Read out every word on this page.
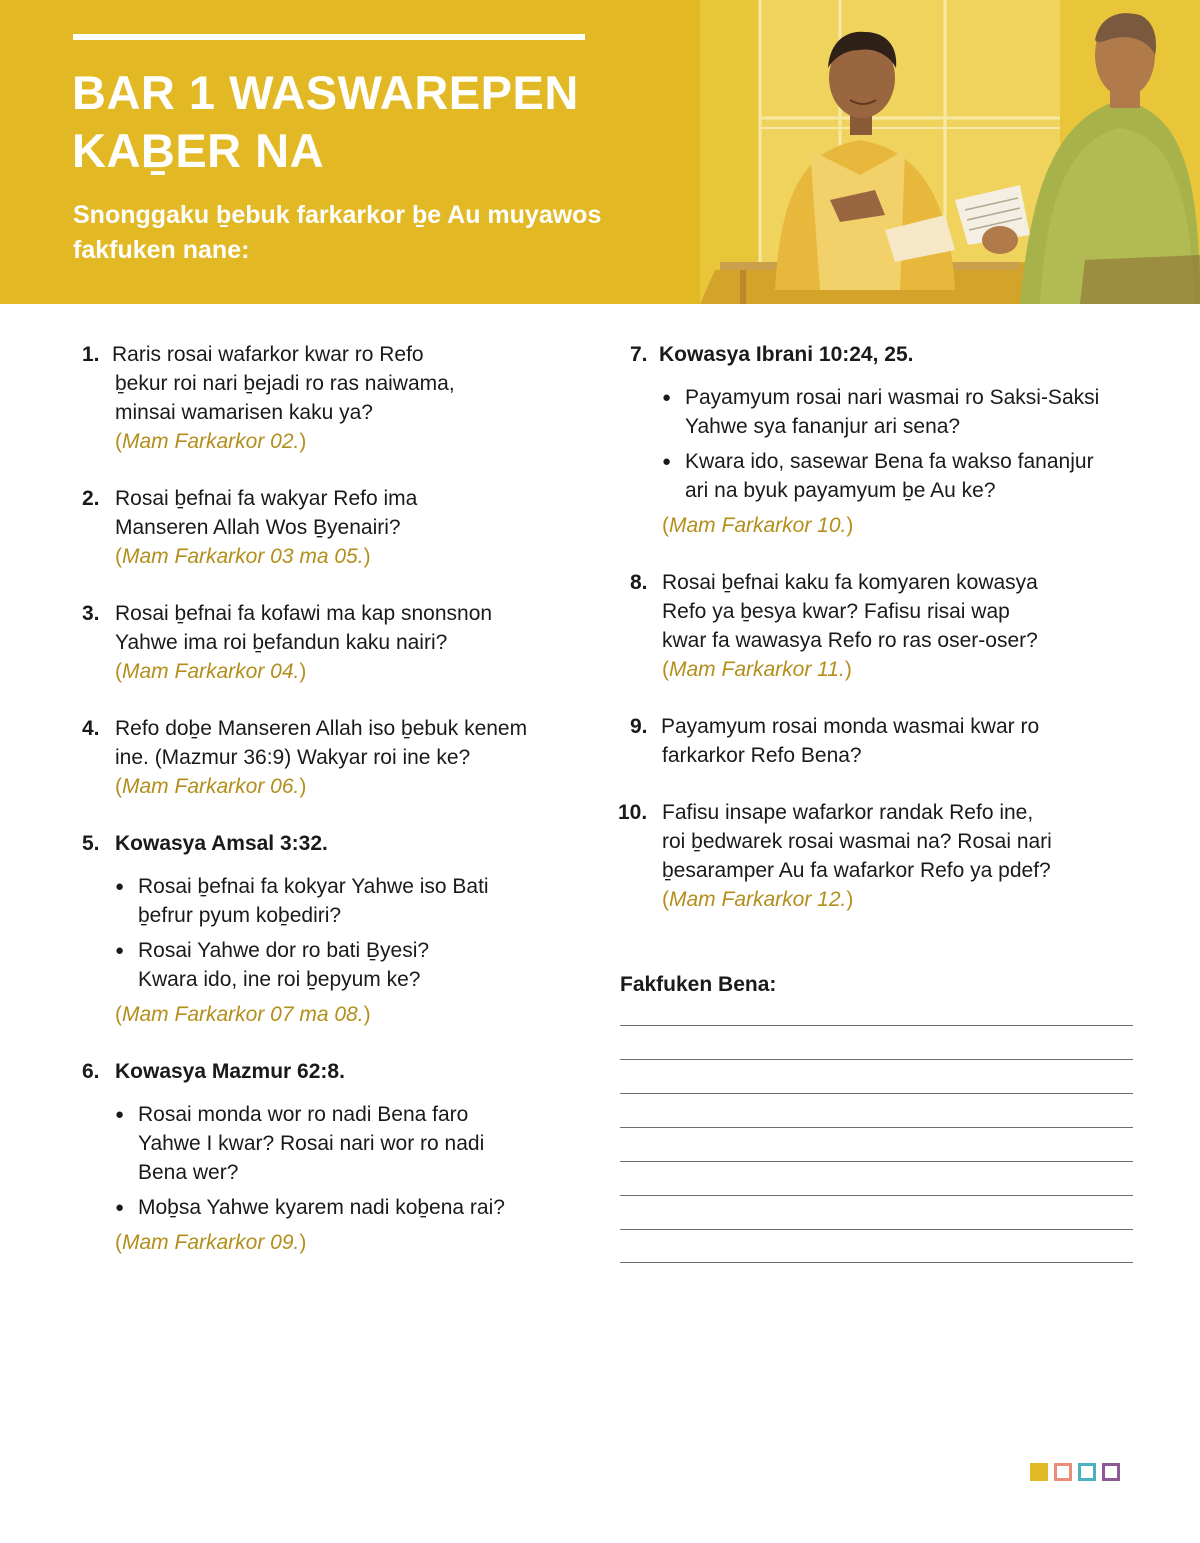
BAR 1 WASWAREPEN KAḆER NA
Snonggaku ḇebuk farkarkor ḇe Au muyawos fakfuken nane:
1. Raris rosai wafarkor kwar ro Refo
ḇekur roi nari ḇejadi ro ras naiwama,
minsai wamarisen kaku ya?
(Mam Farkarkor 02.)
2. Rosai ḇefnai fa wakyar Refo ima
Manseren Allah Wos Ḇyenairi?
(Mam Farkarkor 03 ma 05.)
3. Rosai ḇefnai fa kofawi ma kap snonsnon
Yahwe ima roi ḇefandun kaku nairi?
(Mam Farkarkor 04.)
4. Refo doḇe Manseren Allah iso ḇebuk kenem
ine. (Mazmur 36:9) Wakyar roi ine ke?
(Mam Farkarkor 06.)
5. Kowasya Amsal 3:32.
● Rosai ḇefnai fa kokyar Yahwe iso Bati
ḇefrur pyum koḇediri?
● Rosai Yahwe dor ro bati Ḇyesi?
Kwara ido, ine roi ḇepyum ke?
(Mam Farkarkor 07 ma 08.)
6. Kowasya Mazmur 62:8.
● Rosai monda wor ro nadi Bena faro
Yahwe I kwar? Rosai nari wor ro nadi
Bena wer?
● Moḇsa Yahwe kyarem nadi koḇena rai?
(Mam Farkarkor 09.)
7. Kowasya Ibrani 10:24, 25.
● Payamyum rosai nari wasmai ro Saksi-Saksi
Yahwe sya fananjur ari sena?
● Kwara ido, sasewar Bena fa wakso fananjur
ari na byuk payamyum ḇe Au ke?
(Mam Farkarkor 10.)
8. Rosai ḇefnai kaku fa komyaren kowasya
Refo ya ḇesya kwar? Fafisu risai wap
kwar fa wawasya Refo ro ras oser-oser?
(Mam Farkarkor 11.)
9. Payamyum rosai monda wasmai kwar ro
farkarkor Refo Bena?
10. Fafisu insape wafarkor randak Refo ine,
roi ḇedwarek rosai wasmai na? Rosai nari
ḇesaramper Au fa wafarkor Refo ya pdef?
(Mam Farkarkor 12.)
Fakfuken Bena:
